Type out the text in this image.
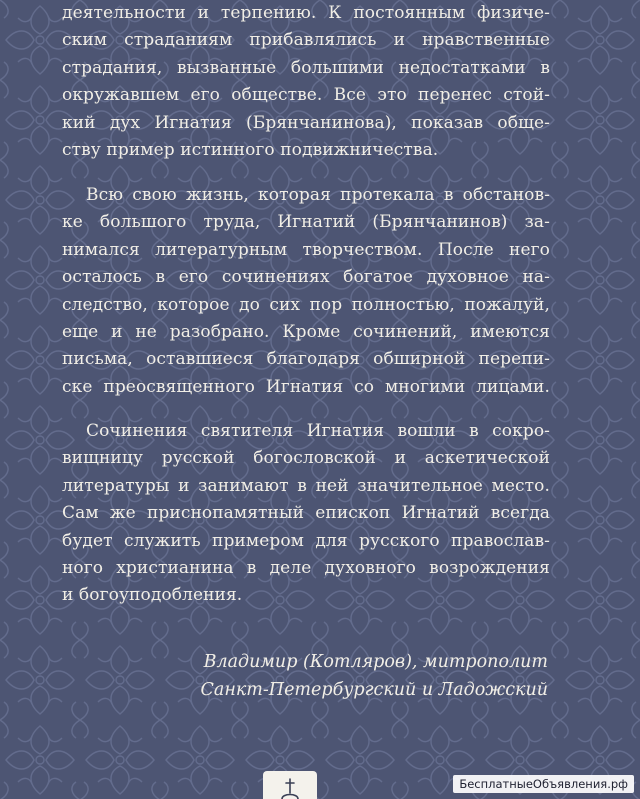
деятельности и терпению. К постоянным физиче-
ским страданиям прибавлялись и нравственные
страдания, вызванные большими недостатками в
окружавшем его обществе. Все это перенес стой-
кий дух Игнатия (Брянчанинова), показав обще-
ству пример истинного подвижничества.
Всю свою жизнь, которая протекала в обстанов-
ке большого труда, Игнатий (Брянчанинов) за-
нимался литературным творчеством. После него
осталось в его сочинениях богатое духовное на-
следство, которое до сих пор полностью, пожалуй,
еще и не разобрано. Кроме сочинений, имеются
письма, оставшиеся благодаря обширной перепи-
ске преосвященного Игнатия со многими лицами.
Сочинения святителя Игнатия вошли в сокро-
вищницу русской богословской и аскетической
литературы и занимают в ней значительное место.
Сам же приснопамятный епископ Игнатий всегда
будет служить примером для русского православ-
ного христианина в деле духовного возрождения
и богоуподобления.
Владимир (Котляров), митрополит
Санкт-Петербургский и Ладожский
БесплатныеОбъявления.рф
